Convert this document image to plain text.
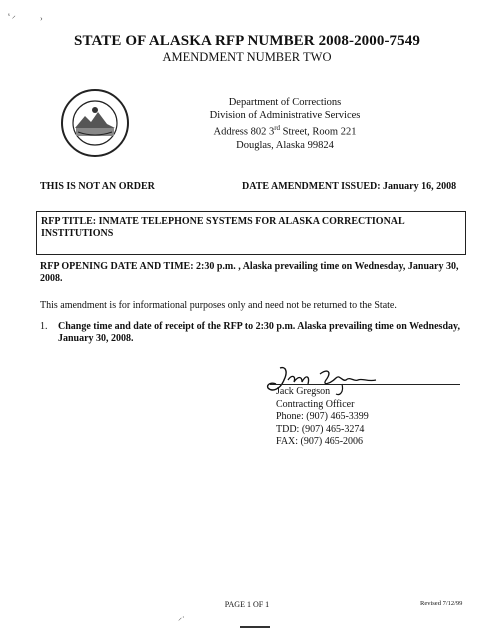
ˢ ⸝	›
STATE OF ALASKA RFP NUMBER 2008-2000-7549
AMENDMENT NUMBER TWO
Department of Corrections
Division of Administrative Services
Address 802 3rd Street, Room 221
Douglas, Alaska 99824
THIS IS NOT AN ORDER	DATE AMENDMENT ISSUED: January 16, 2008
RFP TITLE: INMATE TELEPHONE SYSTEMS FOR ALASKA CORRECTIONAL INSTITUTIONS
RFP OPENING DATE AND TIME: 2:30 p.m. , Alaska prevailing time on Wednesday, January 30, 2008.
This amendment is for informational purposes only and need not be returned to the State.
1. Change time and date of receipt of the RFP to 2:30 p.m. Alaska prevailing time on Wednesday, January 30, 2008.
Jack Gregson
Contracting Officer
Phone: (907) 465-3399
TDD: (907) 465-3274
FAX: (907) 465-2006
PAGE 1 OF 1	Revised 7/12/99
⸝·
